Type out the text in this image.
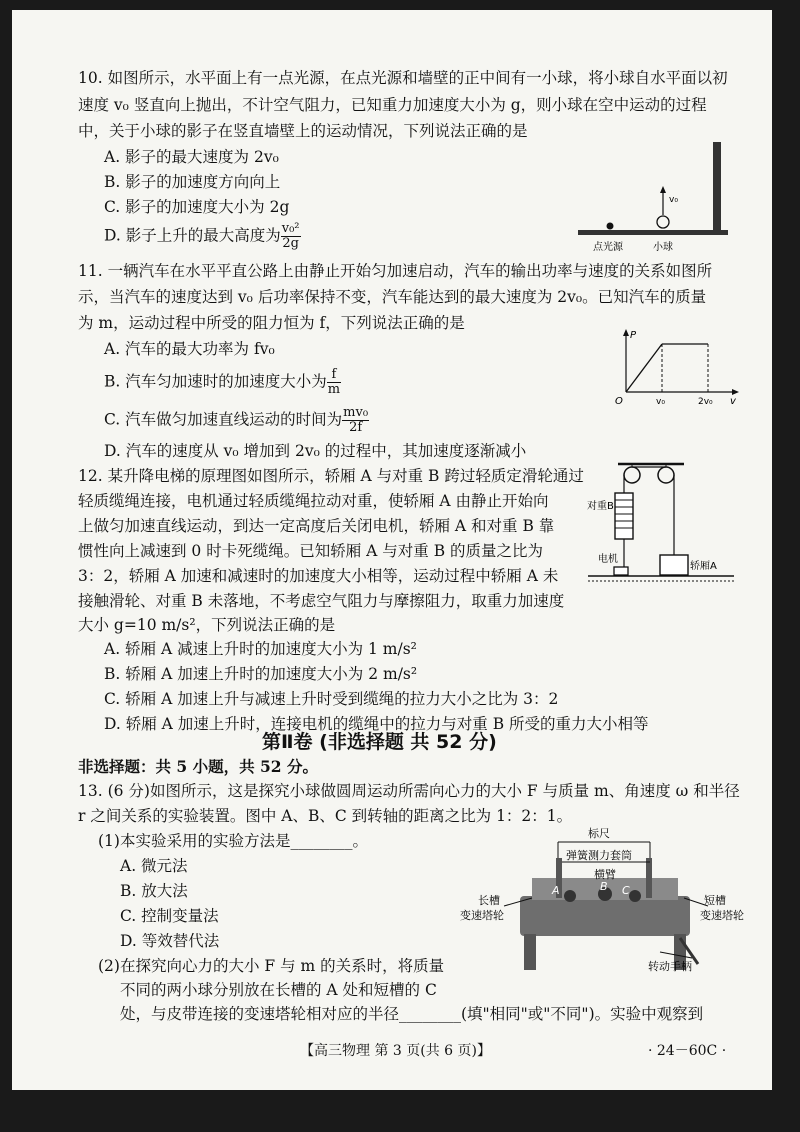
10. 如图所示，水平面上有一点光源，在点光源和墙壁的正中间有一小球，将小球自水平面以初
速度 v₀ 竖直向上抛出，不计空气阻力，已知重力加速度大小为 g，则小球在空中运动的过程
中，关于小球的影子在竖直墙壁上的运动情况，下列说法正确的是
A. 影子的最大速度为 2v₀
B. 影子的加速度方向向上
C. 影子的加速度大小为 2g
D. 影子上升的最大高度为 $\frac{\text{v₀²}}{2g}$
v₀
点光源	小球
11. 一辆汽车在水平平直公路上由静止开始匀加速启动，汽车的输出功率与速度的关系如图所
示，当汽车的速度达到 v₀ 后功率保持不变，汽车能达到的最大速度为 2v₀。已知汽车的质量
为 m，运动过程中所受的阻力恒为 f，下列说法正确的是
A. 汽车的最大功率为 fv₀
B. 汽车匀加速时的加速度大小为 $\frac{f}{m}$
C. 汽车做匀加速直线运动的时间为 $\frac{\text{mv₀}}{2f}$
D. 汽车的速度从 v₀ 增加到 2v₀ 的过程中，其加速度逐渐减小
P
O	v₀	2v₀ v
12. 某升降电梯的原理图如图所示，轿厢 A 与对重 B 跨过轻质定滑轮通过
轻质缆绳连接，电机通过轻质缆绳拉动对重，使轿厢 A 由静止开始向
上做匀加速直线运动，到达一定高度后关闭电机，轿厢 A 和对重 B 靠
惯性向上减速到 0 时卡死缆绳。已知轿厢 A 与对重 B 的质量之比为
3：2，轿厢 A 加速和减速时的加速度大小相等，运动过程中轿厢 A 未
接触滑轮、对重 B 未落地，不考虑空气阻力与摩擦阻力，取重力加速度
大小 g=10 m/s²，下列说法正确的是
A. 轿厢 A 减速上升时的加速度大小为 1 m/s²
B. 轿厢 A 加速上升时的加速度大小为 2 m/s²
C. 轿厢 A 加速上升与减速上升时受到缆绳的拉力大小之比为 3：2
D. 轿厢 A 加速上升时，连接电机的缆绳中的拉力与对重 B 所受的重力大小相等
对重B
电机
轿厢A
第Ⅱ卷 (非选择题 共 52 分)
非选择题：共 5 小题，共 52 分。
13. (6 分)如图所示，这是探究小球做圆周运动所需向心力的大小 F 与质量 m、角速度 ω 和半径
r 之间关系的实验装置。图中 A、B、C 到转轴的距离之比为 1：2：1。
(1)本实验采用的实验方法是________。
A. 微元法
B. 放大法
C. 控制变量法
D. 等效替代法
(2)在探究向心力的大小 F 与 m 的关系时，将质量
不同的两小球分别放在长槽的 A 处和短槽的 C
处，与皮带连接的变速塔轮相对应的半径________(填"相同"或"不同")。实验中观察到
标尺
弹簧测力套筒
横臂
长槽
变速塔轮
短槽
变速塔轮
转动手柄
A	B C
【高三物理 第 3 页(共 6 页)】	· 24－60C ·
